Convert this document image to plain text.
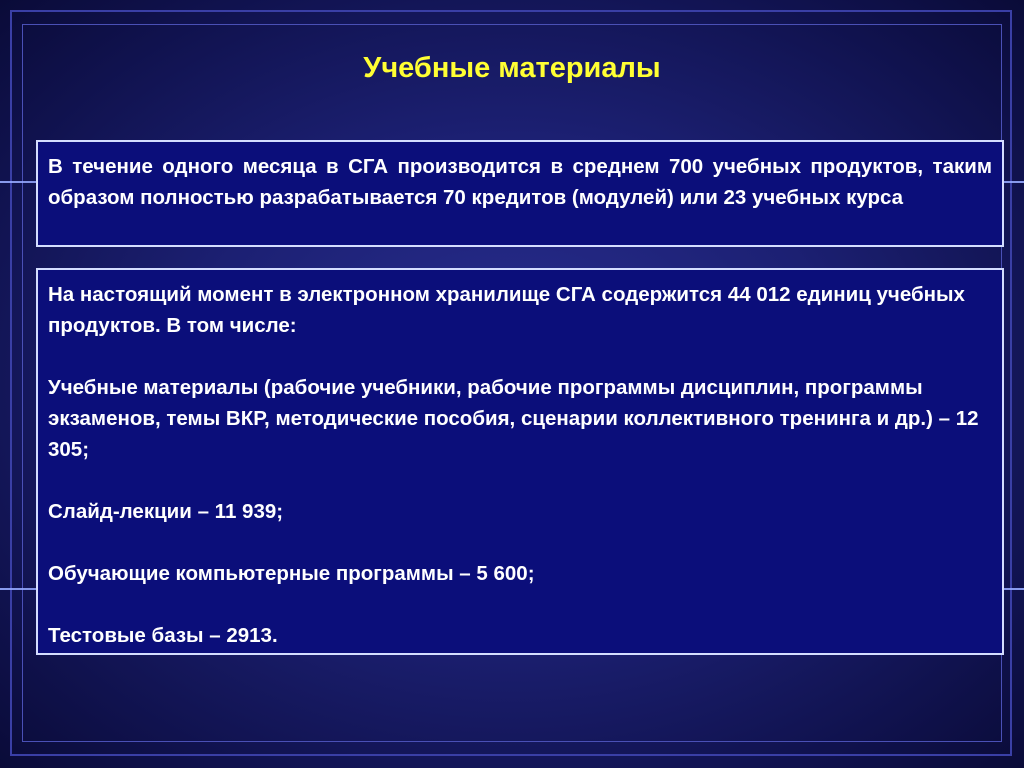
Учебные материалы

В течение одного месяца в СГА производится в среднем 700 учебных продуктов, таким образом полностью разрабатывается 70 кредитов (модулей) или 23 учебных курса

На настоящий момент в электронном хранилище СГА содержится 44 012 единиц учебных продуктов. В том числе:

Учебные материалы (рабочие учебники, рабочие программы дисциплин, программы экзаменов, темы ВКР, методические пособия, сценарии коллективного тренинга и др.) – 12 305;

Слайд-лекции – 11 939;

Обучающие компьютерные программы – 5 600;

Тестовые базы – 2913.
